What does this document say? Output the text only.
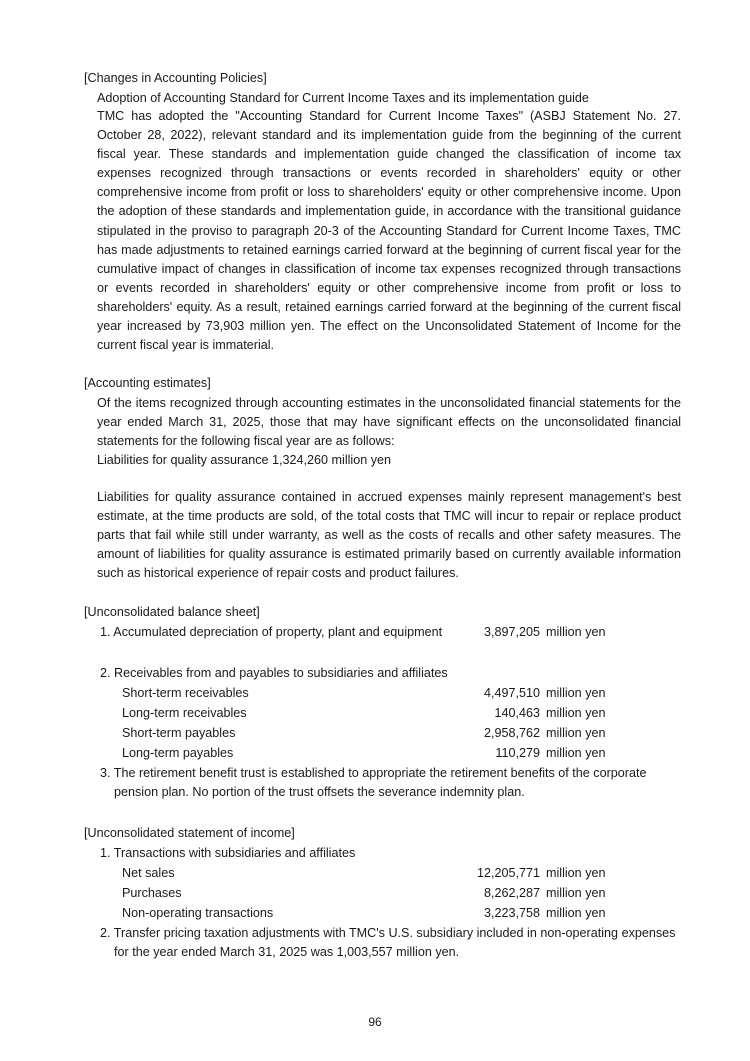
[Changes in Accounting Policies]
Adoption of Accounting Standard for Current Income Taxes and its implementation guide

TMC has adopted the "Accounting Standard for Current Income Taxes" (ASBJ Statement No. 27. October 28, 2022), relevant standard and its implementation guide from the beginning of the current fiscal year. These standards and implementation guide changed the classification of income tax expenses recognized through transactions or events recorded in shareholders' equity or other comprehensive income from profit or loss to shareholders' equity or other comprehensive income. Upon the adoption of these standards and implementation guide, in accordance with the transitional guidance stipulated in the proviso to paragraph 20-3 of the Accounting Standard for Current Income Taxes, TMC has made adjustments to retained earnings carried forward at the beginning of current fiscal year for the cumulative impact of changes in classification of income tax expenses recognized through transactions or events recorded in shareholders' equity or other comprehensive income from profit or loss to shareholders' equity. As a result, retained earnings carried forward at the beginning of the current fiscal year increased by 73,903 million yen. The effect on the Unconsolidated Statement of Income for the current fiscal year is immaterial.

[Accounting estimates]

Of the items recognized through accounting estimates in the unconsolidated financial statements for the year ended March 31, 2025, those that may have significant effects on the unconsolidated financial statements for the following fiscal year are as follows:

Liabilities for quality assurance 1,324,260 million yen

Liabilities for quality assurance contained in accrued expenses mainly represent management's best estimate, at the time products are sold, of the total costs that TMC will incur to repair or replace product parts that fail while still under warranty, as well as the costs of recalls and other safety measures. The amount of liabilities for quality assurance is estimated primarily based on currently available information such as historical experience of repair costs and product failures.

[Unconsolidated balance sheet]
1. Accumulated depreciation of property, plant and equipment	3,897,205 million yen
2. Receivables from and payables to subsidiaries and affiliates
Short-term receivables	4,497,510 million yen
Long-term receivables	140,463 million yen
Short-term payables	2,958,762 million yen
Long-term payables	110,279 million yen

3. The retirement benefit trust is established to appropriate the retirement benefits of the corporate pension plan. No portion of the trust offsets the severance indemnity plan.

[Unconsolidated statement of income]
1. Transactions with subsidiaries and affiliates
Net sales	12,205,771 million yen
Purchases	8,262,287 million yen
Non-operating transactions	3,223,758 million yen

2. Transfer pricing taxation adjustments with TMC's U.S. subsidiary included in non-operating expenses for the year ended March 31, 2025 was 1,003,557 million yen.

96
